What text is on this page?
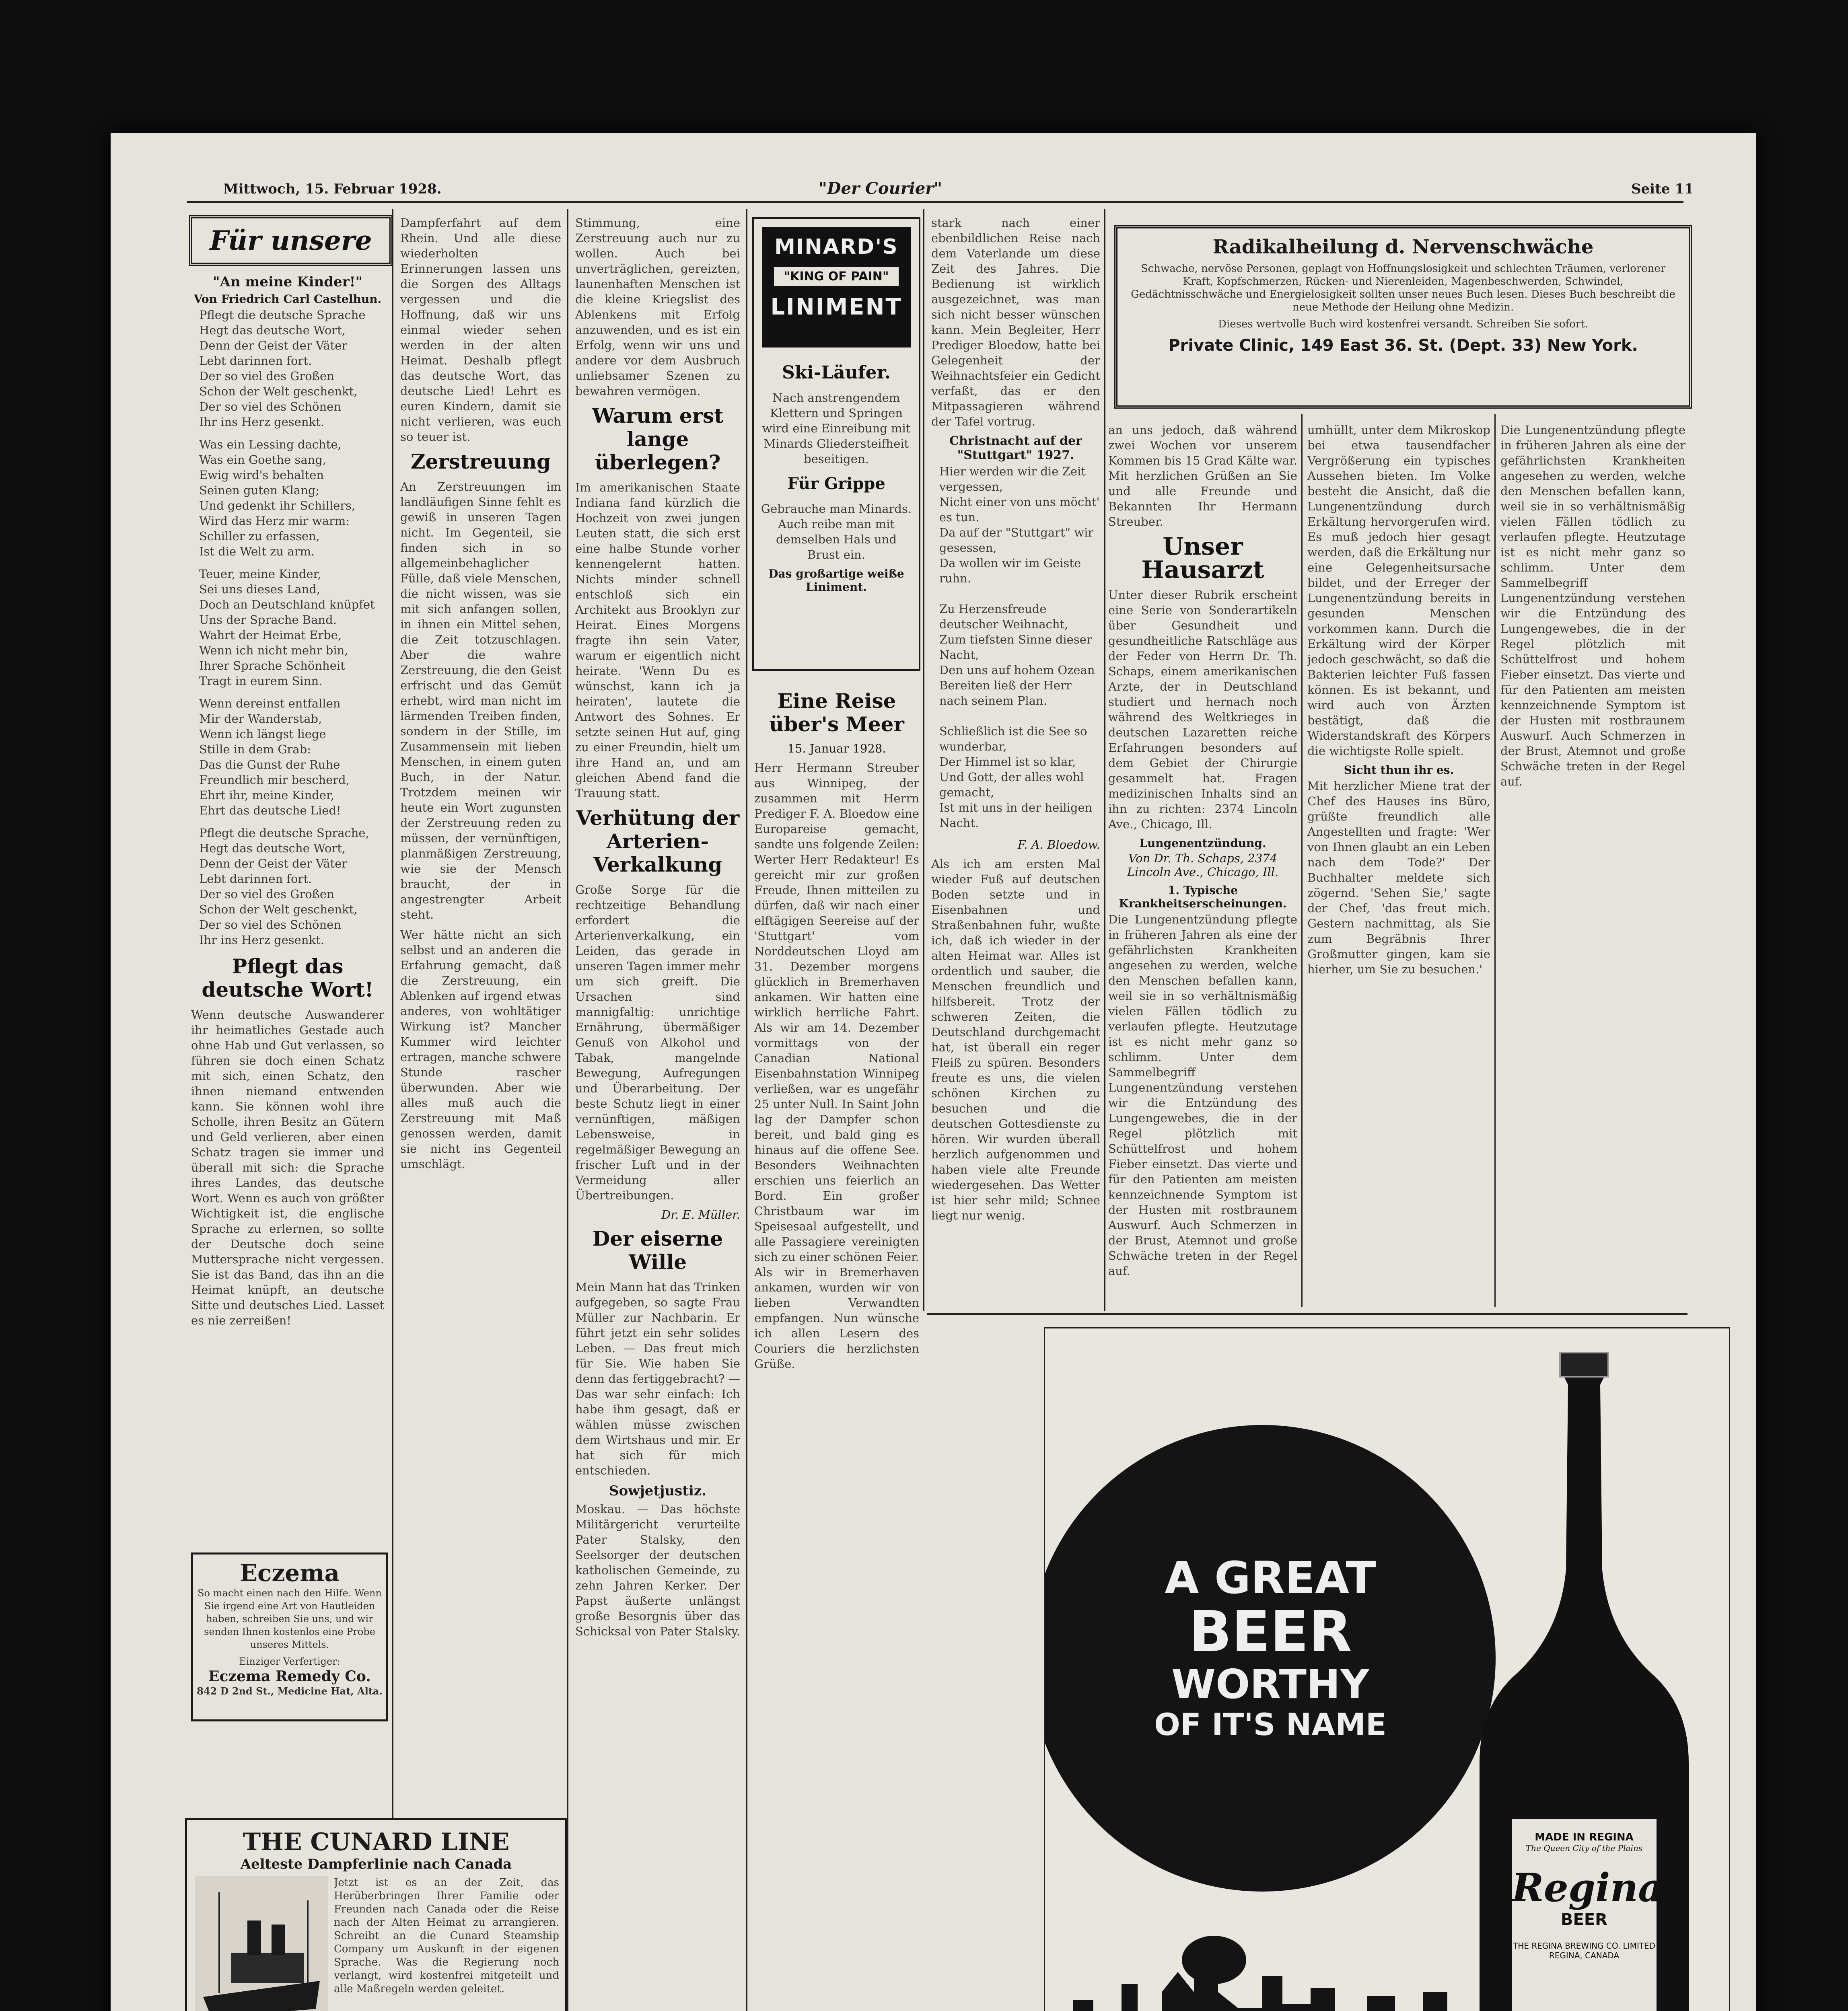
Mittwoch, 15. Februar 1928.	"Der Courier"	Seite 11
Für unsere
"An meine Kinder!"
Von Friedrich Carl Castelhun.
Pflegt die deutsche Sprache
Hegt das deutsche Wort,
Denn der Geist der Väter
Lebt darinnen fort.
Der so viel des Großen
Schon der Welt geschenkt,
Der so viel des Schönen
Ihr ins Herz gesenkt.
Was ein Lessing dachte,
Was ein Goethe sang,
Ewig wird's behalten
Seinen guten Klang;
Und gedenkt ihr Schillers,
Wird das Herz mir warm:
Schiller zu erfassen,
Ist die Welt zu arm.
Teuer, meine Kinder,
Sei uns dieses Land,
Doch an Deutschland knüpfet
Uns der Sprache Band.
Wahrt der Heimat Erbe,
Wenn ich nicht mehr bin,
Ihrer Sprache Schönheit
Tragt in eurem Sinn.
Wenn dereinst entfallen
Mir der Wanderstab,
Wenn ich längst liege
Stille in dem Grab:
Das die Gunst der Ruhe
Freundlich mir bescherd,
Ehrt ihr, meine Kinder,
Ehrt das deutsche Lied!
Pflegt die deutsche Sprache,
Hegt das deutsche Wort,
Denn der Geist der Väter
Lebt darinnen fort.
Der so viel des Großen
Schon der Welt geschenkt,
Der so viel des Schönen
Ihr ins Herz gesenkt.
Pflegt das deutsche Wort!
Wenn deutsche Auswanderer ihr heimatliches Gestade auch ohne Hab und Gut verlassen, so führen sie doch einen Schatz mit sich, einen Schatz, den ihnen niemand entwenden kann. Sie können wohl ihre Scholle, ihren Besitz an Gütern und Geld verlieren, aber einen Schatz tragen sie immer und überall mit sich: die Sprache ihres Landes, das deutsche Wort. Wenn es auch von größter Wichtigkeit ist, die englische Sprache zu erlernen, so sollte der Deutsche doch seine Muttersprache nicht vergessen. Sie ist das Band, das ihn an die Heimat knüpft, an deutsche Sitte und deutsches Lied. Lasset es nie zerreißen!
Eczema
So macht einen nach den Hilfe. Wenn Sie irgend eine Art von Hautleiden haben, schreiben Sie uns, und wir senden Ihnen kostenlos eine Probe unseres Mittels.
Einziger Verfertiger:
Eczema Remedy Co.
842 D 2nd St., Medicine Hat, Alta.
THE CUNARD LINE
Aelteste Dampferlinie nach Canada
Jetzt ist es an der Zeit, das Herüberbringen Ihrer Familie oder Freunden nach Canada oder die Reise nach der Alten Heimat zu arrangieren. Schreibt an die Cunard Steamship Company um Auskunft in der eigenen Sprache. Was die Regierung noch verlangt, wird kostenfrei mitgeteilt und alle Maßregeln werden geleitet.
Dampferfahrt auf dem Rhein. Und alle diese wiederholten Erinnerungen lassen uns die Sorgen des Alltags vergessen und die Hoffnung, daß wir uns einmal wieder sehen werden in der alten Heimat. Deshalb pflegt das deutsche Wort, das deutsche Lied! Lehrt es euren Kindern, damit sie nicht verlieren, was euch so teuer ist.
Zerstreuung
An Zerstreuungen im landläufigen Sinne fehlt es gewiß in unseren Tagen nicht. Im Gegenteil, sie finden sich in so allgemeinbehaglicher Fülle, daß viele Menschen, die nicht wissen, was sie mit sich anfangen sollen, in ihnen ein Mittel sehen, die Zeit totzuschlagen. Aber die wahre Zerstreuung, die den Geist erfrischt und das Gemüt erhebt, wird man nicht im lärmenden Treiben finden, sondern in der Stille, im Zusammensein mit lieben Menschen, in einem guten Buch, in der Natur. Trotzdem meinen wir heute ein Wort zugunsten der Zerstreuung reden zu müssen, der vernünftigen, planmäßigen Zerstreuung, wie sie der Mensch braucht, der in angestrengter Arbeit steht.
Wer hätte nicht an sich selbst und an anderen die Erfahrung gemacht, daß die Zerstreuung, ein Ablenken auf irgend etwas anderes, von wohltätiger Wirkung ist? Mancher Kummer wird leichter ertragen, manche schwere Stunde rascher überwunden. Aber wie alles muß auch die Zerstreuung mit Maß genossen werden, damit sie nicht ins Gegenteil umschlägt.
Stimmung, eine Zerstreuung auch nur zu wollen. Auch bei unverträglichen, gereizten, launenhaften Menschen ist die kleine Kriegslist des Ablenkens mit Erfolg anzuwenden, und es ist ein Erfolg, wenn wir uns und andere vor dem Ausbruch unliebsamer Szenen zu bewahren vermögen.
Warum erst lange überlegen?
Im amerikanischen Staate Indiana fand kürzlich die Hochzeit von zwei jungen Leuten statt, die sich erst eine halbe Stunde vorher kennengelernt hatten. Nichts minder schnell entschloß sich ein Architekt aus Brooklyn zur Heirat. Eines Morgens fragte ihn sein Vater, warum er eigentlich nicht heirate. 'Wenn Du es wünschst, kann ich ja heiraten', lautete die Antwort des Sohnes. Er setzte seinen Hut auf, ging zu einer Freundin, hielt um ihre Hand an, und am gleichen Abend fand die Trauung statt.
Verhütung der Arterien-Verkalkung
Große Sorge für die rechtzeitige Behandlung erfordert die Arterienverkalkung, ein Leiden, das gerade in unseren Tagen immer mehr um sich greift. Die Ursachen sind mannigfaltig: unrichtige Ernährung, übermäßiger Genuß von Alkohol und Tabak, mangelnde Bewegung, Aufregungen und Überarbeitung. Der beste Schutz liegt in einer vernünftigen, mäßigen Lebensweise, in regelmäßiger Bewegung an frischer Luft und in der Vermeidung aller Übertreibungen.
Dr. E. Müller.
Der eiserne Wille
Mein Mann hat das Trinken aufgegeben, so sagte Frau Müller zur Nachbarin. Er führt jetzt ein sehr solides Leben. — Das freut mich für Sie. Wie haben Sie denn das fertiggebracht? — Das war sehr einfach: Ich habe ihm gesagt, daß er wählen müsse zwischen dem Wirtshaus und mir. Er hat sich für mich entschieden.
Sowjetjustiz.
Moskau. — Das höchste Militärgericht verurteilte Pater Stalsky, den Seelsorger der deutschen katholischen Gemeinde, zu zehn Jahren Kerker. Der Papst äußerte unlängst große Besorgnis über das Schicksal von Pater Stalsky.
MINARD'S
"KING OF PAIN"
LINIMENT
Ski-Läufer.
Nach anstrengendem Klettern und Springen wird eine Einreibung mit Minards Gliedersteifheit beseitigen.
Für Grippe
Gebrauche man Minards. Auch reibe man mit demselben Hals und Brust ein.
Das großartige weiße Liniment.
Eine Reise über's Meer
15. Januar 1928.
Herr Hermann Streuber aus Winnipeg, der zusammen mit Herrn Prediger F. A. Bloedow eine Europareise gemacht, sandte uns folgende Zeilen: Werter Herr Redakteur! Es gereicht mir zur großen Freude, Ihnen mitteilen zu dürfen, daß wir nach einer elftägigen Seereise auf der 'Stuttgart' vom Norddeutschen Lloyd am 31. Dezember morgens glücklich in Bremerhaven ankamen. Wir hatten eine wirklich herrliche Fahrt. Als wir am 14. Dezember vormittags von der Canadian National Eisenbahnstation Winnipeg verließen, war es ungefähr 25 unter Null. In Saint John lag der Dampfer schon bereit, und bald ging es hinaus auf die offene See. Besonders Weihnachten erschien uns feierlich an Bord. Ein großer Christbaum war im Speisesaal aufgestellt, und alle Passagiere vereinigten sich zu einer schönen Feier. Als wir in Bremerhaven ankamen, wurden wir von lieben Verwandten empfangen. Nun wünsche ich allen Lesern des Couriers die herzlichsten Grüße.
stark nach einer ebenbildlichen Reise nach dem Vaterlande um diese Zeit des Jahres. Die Bedienung ist wirklich ausgezeichnet, was man sich nicht besser wünschen kann. Mein Begleiter, Herr Prediger Bloedow, hatte bei Gelegenheit der Weihnachtsfeier ein Gedicht verfaßt, das er den Mitpassagieren während der Tafel vortrug.
Christnacht auf der "Stuttgart" 1927.
Hier werden wir die Zeit vergessen,
Nicht einer von uns möcht' es tun.
Da auf der "Stuttgart" wir gesessen,
Da wollen wir im Geiste ruhn.

Zu Herzensfreude deutscher Weihnacht,
Zum tiefsten Sinne dieser Nacht,
Den uns auf hohem Ozean
Bereiten ließ der Herr nach seinem Plan.

Schließlich ist die See so wunderbar,
Der Himmel ist so klar,
Und Gott, der alles wohl gemacht,
Ist mit uns in der heiligen Nacht.
F. A. Bloedow.
Als ich am ersten Mal wieder Fuß auf deutschen Boden setzte und in Eisenbahnen und Straßenbahnen fuhr, wußte ich, daß ich wieder in der alten Heimat war. Alles ist ordentlich und sauber, die Menschen freundlich und hilfsbereit. Trotz der schweren Zeiten, die Deutschland durchgemacht hat, ist überall ein reger Fleiß zu spüren. Besonders freute es uns, die vielen schönen Kirchen zu besuchen und die deutschen Gottesdienste zu hören. Wir wurden überall herzlich aufgenommen und haben viele alte Freunde wiedergesehen. Das Wetter ist hier sehr mild; Schnee liegt nur wenig.
Radikalheilung d. Nervenschwäche
Schwache, nervöse Personen, geplagt von Hoffnungslosigkeit und schlechten Träumen, verlorener Kraft, Kopfschmerzen, Rücken- und Nierenleiden, Magenbeschwerden, Schwindel, Gedächtnisschwäche und Energielosigkeit sollten unser neues Buch lesen. Dieses Buch beschreibt die neue Methode der Heilung ohne Medizin.
Dieses wertvolle Buch wird kostenfrei versandt. Schreiben Sie sofort.
Private Clinic, 149 East 36. St. (Dept. 33) New York.
an uns jedoch, daß während zwei Wochen vor unserem Kommen bis 15 Grad Kälte war. Mit herzlichen Grüßen an Sie und alle Freunde und Bekannten Ihr Hermann Streuber.
Unser Hausarzt
Unter dieser Rubrik erscheint eine Serie von Sonderartikeln über Gesundheit und gesundheitliche Ratschläge aus der Feder von Herrn Dr. Th. Schaps, einem amerikanischen Arzte, der in Deutschland studiert und hernach noch während des Weltkrieges in deutschen Lazaretten reiche Erfahrungen besonders auf dem Gebiet der Chirurgie gesammelt hat. Fragen medizinischen Inhalts sind an ihn zu richten: 2374 Lincoln Ave., Chicago, Ill.
Lungenentzündung.
Von Dr. Th. Schaps, 2374 Lincoln Ave., Chicago, Ill.
1. Typische Krankheitserscheinungen.
Die Lungenentzündung pflegte in früheren Jahren als eine der gefährlichsten Krankheiten angesehen zu werden, welche den Menschen befallen kann, weil sie in so verhältnismäßig vielen Fällen tödlich zu verlaufen pflegte. Heutzutage ist es nicht mehr ganz so schlimm. Unter dem Sammelbegriff Lungenentzündung verstehen wir die Entzündung des Lungengewebes, die in der Regel plötzlich mit Schüttelfrost und hohem Fieber einsetzt. Das vierte und für den Patienten am meisten kennzeichnende Symptom ist der Husten mit rostbraunem Auswurf. Auch Schmerzen in der Brust, Atemnot und große Schwäche treten in der Regel auf.
umhüllt, unter dem Mikroskop bei etwa tausendfacher Vergrößerung ein typisches Aussehen bieten. Im Volke besteht die Ansicht, daß die Lungenentzündung durch Erkältung hervorgerufen wird. Es muß jedoch hier gesagt werden, daß die Erkältung nur eine Gelegenheitsursache bildet, und der Erreger der Lungenentzündung bereits in gesunden Menschen vorkommen kann. Durch die Erkältung wird der Körper jedoch geschwächt, so daß die Bakterien leichter Fuß fassen können. Es ist bekannt, und wird auch von Ärzten bestätigt, daß die Widerstandskraft des Körpers die wichtigste Rolle spielt.
Sicht thun ihr es.
Mit herzlicher Miene trat der Chef des Hauses ins Büro, grüßte freundlich alle Angestellten und fragte: 'Wer von Ihnen glaubt an ein Leben nach dem Tode?' Der Buchhalter meldete sich zögernd. 'Sehen Sie,' sagte der Chef, 'das freut mich. Gestern nachmittag, als Sie zum Begräbnis Ihrer Großmutter gingen, kam sie hierher, um Sie zu besuchen.'
Die Lungenentzündung pflegte in früheren Jahren als eine der gefährlichsten Krankheiten angesehen zu werden, welche den Menschen befallen kann, weil sie in so verhältnismäßig vielen Fällen tödlich zu verlaufen pflegte. Heutzutage ist es nicht mehr ganz so schlimm. Unter dem Sammelbegriff Lungenentzündung verstehen wir die Entzündung des Lungengewebes, die in der Regel plötzlich mit Schüttelfrost und hohem Fieber einsetzt. Das vierte und für den Patienten am meisten kennzeichnende Symptom ist der Husten mit rostbraunem Auswurf. Auch Schmerzen in der Brust, Atemnot und große Schwäche treten in der Regel auf.
A GREAT
BEER
WORTHY
OF IT'S NAME
MADE IN REGINA
The Queen City of the Plains
Regina
BEER
THE REGINA BREWING CO. LIMITED REGINA, CANADA
